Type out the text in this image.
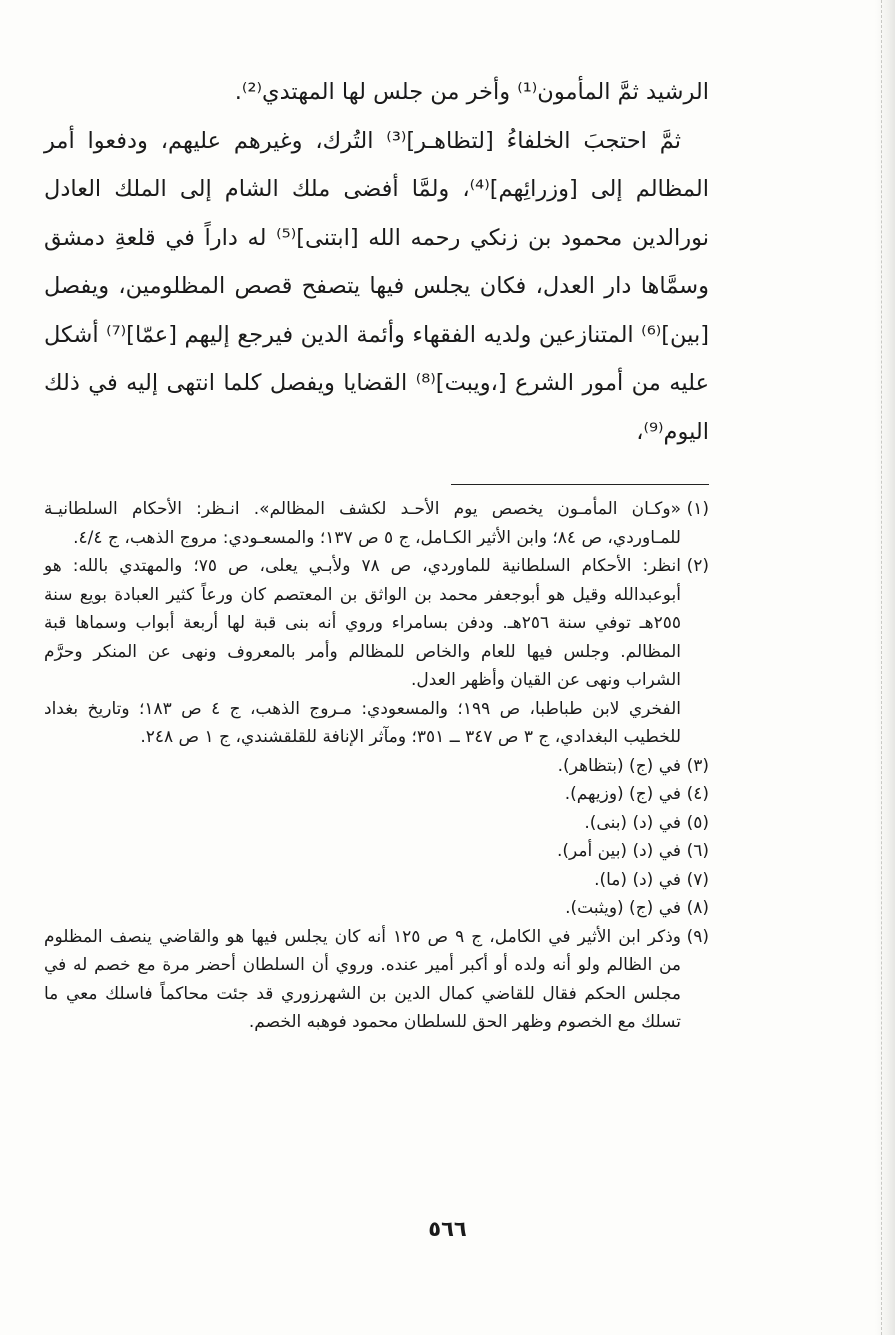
الرشيد ثمَّ المأمون⁽¹⁾ وأخر من جلس لها المهتدي⁽²⁾.

ثمَّ احتجبَ الخلفاءُ [لتظاهـر]⁽³⁾ التُرك، وغيرهم عليهم، ودفعوا أمر المظالم إلى [وزرائِهم]⁽⁴⁾، ولمَّا أفضى ملك الشام إلى الملك العادل نورالدين محمود بن زنكي رحمه الله [ابتنى]⁽⁵⁾ له داراً في قلعةِ دمشق وسمَّاها دار العدل، فكان يجلس فيها يتصفح قصص المظلومين، ويفصل [بين]⁽⁶⁾ المتنازعين ولديه الفقهاء وأئمة الدين فيرجع إليهم [عمّا]⁽⁷⁾ أشكل عليه من أمور الشرع [،ويبت]⁽⁸⁾ القضايا ويفصل كلما انتهى إليه في ذلك اليوم⁽⁹⁾،

(١)
«وكـان المأمـون يخصص يوم الأحـد لكشف المظالم». انـظر: الأحكام السلطانيـة للمـاوردي، ص ٨٤؛ وابن الأثير الكـامل، ج ٥ ص ١٣٧؛ والمسعـودي: مروج الذهب، ج ٤/٤.
(٢)
انظر: الأحكام السلطانية للماوردي، ص ٧٨ ولأبـي يعلى، ص ٧٥؛ والمهتدي بالله: هو أبوعبدالله وقيل هو أبوجعفر محمد بن الواثق بن المعتصم كان ورعاً كثير العبادة بويع سنة ٢٥٥هـ توفي سنة ٢٥٦هـ. ودفن بسامراء وروي أنه بنى قبة لها أربعة أبواب وسماها قبة المظالم. وجلس فيها للعام والخاص للمظالم وأمر بالمعروف ونهى عن المنكر وحرَّم الشراب ونهى عن القيان وأظهر العدل.
الفخري لابن طباطبا، ص ١٩٩؛ والمسعودي: مـروج الذهب، ج ٤ ص ١٨٣؛ وتاريخ بغداد للخطيب البغدادي، ج ٣ ص ٣٤٧ ــ ٣٥١؛ ومآثر الإنافة للقلقشندي، ج ١ ص ٢٤٨.
(٣)
في (ج) (بتظاهر).
(٤)
في (ج) (وزيهم).
(٥)
في (د) (بنى).
(٦)
في (د) (بين أمر).
(٧)
في (د) (ما).
(٨)
في (ج) (ويثبت).
(٩)
وذكر ابن الأثير في الكامل، ج ٩ ص ١٢٥ أنه كان يجلس فيها هو والقاضي ينصف المظلوم من الظالم ولو أنه ولده أو أكبر أمير عنده. وروي أن السلطان أحضر مرة مع خصم له في مجلس الحكم فقال للقاضي كمال الدين بن الشهرزوري قد جئت محاكماً فاسلك معي ما تسلك مع الخصوم وظهر الحق للسلطان محمود فوهبه الخصم.
٥٦٦
